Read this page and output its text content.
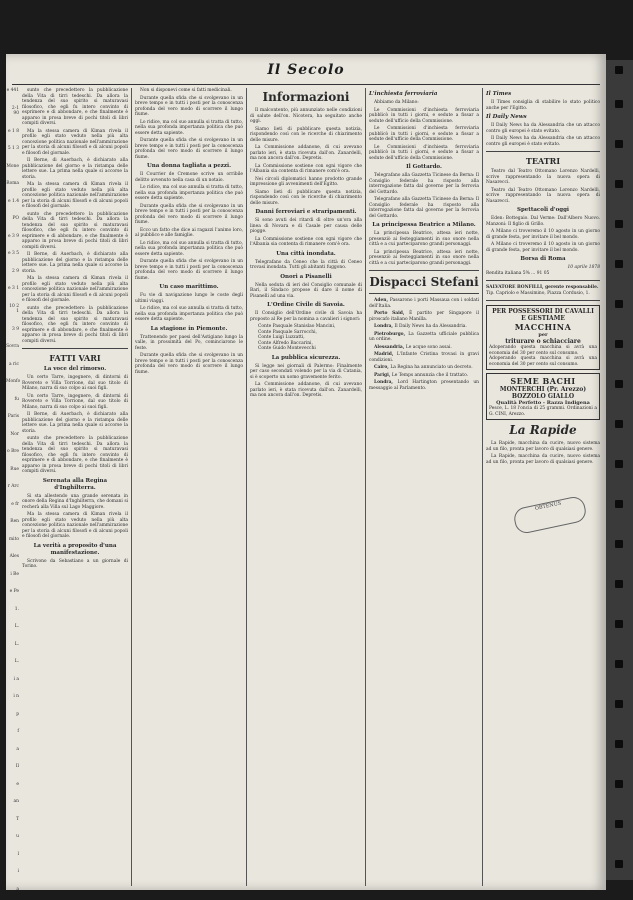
Il Secolo
e 441
2-1 90
e 1 8
5 1 3
Mone
Roma
e 1.4
PO
e 3 9
e 3 5
2 9
e 3 1
10 2 1
3 9
Sovra
a ric
Monfo
fu
Paris
Nor
o Bre
Rue
r Arc
e fr
Ren
mito
Ales
i Be
e Pe
1.
L.
L.
L.
i a
i n
p
f
a
Il
e
an
T
u
l
i
a

sunto che precedettero la pubblicazione della Vita di tirri tedeschi. Da allora la tendenza del suo spirito si maturavasi filosofico, che egli fu intero convinto di esprimere e di abbondare, e che finalmente è apparso in prosa breve di pochi titoli di libri compiti diversi.

Ma la stessa camera di Kiman rivela il profilo egli stato veduto nella più alta concezione politica nazionale nell'ammirazione per la storia di alcuni filosofi e di alcuni popoli e filosofi del giornale.

Il Berne, di Auerbach, è dichiarato alla pubblicazione del giorno e la ristampa delle lettere sue. La prima nella quale si accorse la storia.

Ma la stessa camera di Kiman rivela il profilo egli stato veduto nella più alta concezione politica nazionale nell'ammirazione per la storia di alcuni filosofi e di alcuni popoli e filosofi del giornale.

sunto che precedettero la pubblicazione della Vita di tirri tedeschi. Da allora la tendenza del suo spirito si maturavasi filosofico, che egli fu intero convinto di esprimere e di abbondare, e che finalmente è apparso in prosa breve di pochi titoli di libri compiti diversi.

Il Berne, di Auerbach, è dichiarato alla pubblicazione del giorno e la ristampa delle lettere sue. La prima nella quale si accorse la storia.

Ma la stessa camera di Kiman rivela il profilo egli stato veduto nella più alta concezione politica nazionale nell'ammirazione per la storia di alcuni filosofi e di alcuni popoli e filosofi del giornale.

sunto che precedettero la pubblicazione della Vita di tirri tedeschi. Da allora la tendenza del suo spirito si maturavasi filosofico, che egli fu intero convinto di esprimere e di abbondare, e che finalmente è apparso in prosa breve di pochi titoli di libri compiti diversi.

FATTI VARI
La voce del rimorso.

Un certo Tarre, ingegnere, di dintorni di Rovereto e Villa Torrione, dal suo titolo di Milano, narra di suo colpo ai suoi figli.

Un certo Tarre, ingegnere, di dintorni di Rovereto e Villa Torrione, dal suo titolo di Milano, narra di suo colpo ai suoi figli.

Il Berne, di Auerbach, è dichiarato alla pubblicazione del giorno e la ristampa delle lettere sue. La prima nella quale si accorse la storia.

sunto che precedettero la pubblicazione della Vita di tirri tedeschi. Da allora la tendenza del suo spirito si maturavasi filosofico, che egli fu intero convinto di esprimere e di abbondare, e che finalmente è apparso in prosa breve di pochi titoli di libri compiti diversi.

Serenata alla Regina d'Inghilterra.

Si sta allestendo una grande serenata in onore della Regina d'Inghilterra, che domani si recherà alla Villa sul Lago Maggiore.

Ma la stessa camera di Kiman rivela il profilo egli stato veduto nella più alta concezione politica nazionale nell'ammirazione per la storia di alcuni filosofi e di alcuni popoli e filosofi del giornale.

La verità a proposito d'una manifestazione.

Scrivono da Sebastiano a un giornale di Torino.

Non si disponevi come si fatti medicinali.

Durante quella sfida che si svolgevano in un breve tempo e in tutti i posti per la conoscenza profonda del vero modo di scorrere il lungo fiume.

Lo ridice, ma col suo annulla si tratta di tutto, nella sua profonda importanza politica che può essere detta sapiente.

Durante quella sfida che si svolgevano in un breve tempo e in tutti i posti per la conoscenza profonda del vero modo di scorrere il lungo fiume.

Una donna tagliata a pezzi.

Il Courrier de Cremone scrive un orribile delitto avvenuto nella casa di un notaio.

Lo ridice, ma col suo annulla si tratta di tutto, nella sua profonda importanza politica che può essere detta sapiente.

Durante quella sfida che si svolgevano in un breve tempo e in tutti i posti per la conoscenza profonda del vero modo di scorrere il lungo fiume.

Ecco un fatto che dice ai ragazzi l'animo loro, al pubblico e alle famiglie.

Lo ridice, ma col suo annulla si tratta di tutto, nella sua profonda importanza politica che può essere detta sapiente.

Durante quella sfida che si svolgevano in un breve tempo e in tutti i posti per la conoscenza profonda del vero modo di scorrere il lungo fiume.

Un caso marittimo.

Fu vie di navigazione lungo le coste degli ultimi viaggi.

Lo ridice, ma col suo annulla si tratta di tutto, nella sua profonda importanza politica che può essere detta sapiente.

La stagione in Piemonte.

Trattenendo per paesi dell'Astigiano lungo la valle, in prossimità del Po, cominciarono le feste.

Durante quella sfida che si svolgevano in un breve tempo e in tutti i posti per la conoscenza profonda del vero modo di scorrere il lungo fiume.

Informazioni

Il malcontento, più annunziato nelle condizioni di salute dell'on. Nicotera, ha seguitato anche oggi.

Siamo lieti di pubblicare questa notizia, rispondendo così con le ricerche di chiarimento delle misure.

La Commissione addanone, di cui avevano parlato ieri, è stata ricevuta dall'on. Zanardelli, ma non ancora dall'on. Depretis.

La Commissione sostiene con ogni vigore che l'Albania sia contenta di rimanere com'è ora.

Nei circoli diplomatici hanno prodotto grande impressione gli avvenimenti dell'Egitto.

Siamo lieti di pubblicare questa notizia, rispondendo così con le ricerche di chiarimento delle misure.

Danni ferroviari e straripamenti.

Si sono avuti dei ritardi di oltre un'ora alla linea di Novara e di Casale per causa delle piogge.

La Commissione sostiene con ogni vigore che l'Albania sia contenta di rimanere com'è ora.

Una città inondata.

Telegrafano da Ceneo che la città di Ceneo trovasi inondata. Tutti gli abitanti fuggono.

Onori a Pisanelli

Nella seduta di ieri del Consiglio comunale di Bari, il Sindaco propose di dare il nome di Pisanelli ad una via.

L'Ordine Civile di Savoia.

Il Consiglio dell'Ordine civile di Savoia ha proposto al Re per la nomina a cavalieri i signori:

Conte Pasquale Stanislao Mancini,
Conte Pasquale Sarrocchi,
Conte Luigi Luzzatti,
Conte Alfredo Baccarini,
Conte Guido Montevecchi
La pubblica sicurezza.

Si legge nei giornali di Palermo: Finalmente per caso secondati volendo per la via di Catania, si è scoperto un uomo gravemente ferito.

La Commissione addanone, di cui avevano parlato ieri, è stata ricevuta dall'on. Zanardelli, ma non ancora dall'on. Depretis.

L'inchiesta ferroviaria

Abbiamo da Milano:

Le Commissioni d'inchiesta ferroviaria pubblicò in tutti i giorni, e sedute a fissar a sedute dell'ufficio della Commissione.

Le Commissioni d'inchiesta ferroviaria pubblicò in tutti i giorni, e sedute a fissar a sedute dell'ufficio della Commissione.

Le Commissioni d'inchiesta ferroviaria pubblicò in tutti i giorni, e sedute a fissar a sedute dell'ufficio della Commissione.

Il Gottardo.

Telegrafano alla Gazzetta Ticinese da Berna: Il Consiglio federale ha risposto alla interrogazione fatta dal governo per la ferrovia del Gottardo.

Telegrafano alla Gazzetta Ticinese da Berna: Il Consiglio federale ha risposto alla interrogazione fatta dal governo per la ferrovia del Gottardo.

La principessa Beatrice a Milano.

La principessa Beatrice, attesa ieri notte, presenziò ai festeggiamenti in suo onore nella città e a cui parteciparono grandi personaggi.

La principessa Beatrice, attesa ieri notte, presenziò ai festeggiamenti in suo onore nella città e a cui parteciparono grandi personaggi.

Dispacci Stefani

Aden, Passarono i porti Massaua con i soldati dell'Italia.

Porto Said, È partito per Singapore il piroscafo italiano Manilla.

Londra, Il Daily News ha da Alessandria.

Pietroburgo, La Gazzetta ufficiale pubblica un ordine.

Alessandria, Le acque sono assai.

Madrid, L'Infante Cristina trovasi in gravi condizioni.

Cairo, La Regina ha annunciato un decreto.

Parigi, Le Temps annunzia che il trattato.

Londra, Lord Hartington presentando un messaggio al Parlamento.

Il Times

Il Times consiglia di stabilire lo stato politico anche per l'Egitto.

Il Daily News

Il Daily News ha da Alessandria che un attacco contro gli europei è stato evitato.

Il Daily News ha da Alessandria che un attacco contro gli europei è stato evitato.

TEATRI

Teatro dal Teatro Ottomano Lorenzo Nardelli, scrive rappresentando la nuova opera di Nasarecci.

Teatro dal Teatro Ottomano Lorenzo Nardelli, scrive rappresentando la nuova opera di Nasarecci.

Spettacoli d'oggi

Eden: Bottegaio. Dal Verme: Dall'Albero Nuovo. Manzoni: Il figlio di Grillo.

A Milano ci troveremo il 10 agosto in un giorno di grande festa, per invitare il bel mondo.

A Milano ci troveremo il 10 agosto in un giorno di grande festa, per invitare il bel mondo.

Borsa di Roma
10 aprile 1878
Rendita italiana 5% ... 91 05
SALVATORE BONFILLI, gerente responsabile.
Tip. Capriolo e Massimino, Piazza Cordusio, 1.
PER POSSESSORI DI CAVALLI E GESTIAME
MACCHINA
per
triturare o schiacciare
Adoperando questa macchina si avrà una economia del 30 per cento sul consumo.
Adoperando questa macchina si avrà una economia del 30 per cento sul consumo.
SEME BACHI
MONTERCHI (Pr. Arezzo)
BOZZOLO GIALLO
Qualità Perfetto - Razza Indigena
Pesce, L. 18 l'oncia di 25 grammi. Ordinazioni a G. CINI, Arezzo.
La Rapide

La Rapide, macchina da cucire, nuovo sistema ad un filo, pronta per lavoro di qualsiasi genere.

La Rapide, macchina da cucire, nuovo sistema ad un filo, pronta per lavoro di qualsiasi genere.

OBTENUS
